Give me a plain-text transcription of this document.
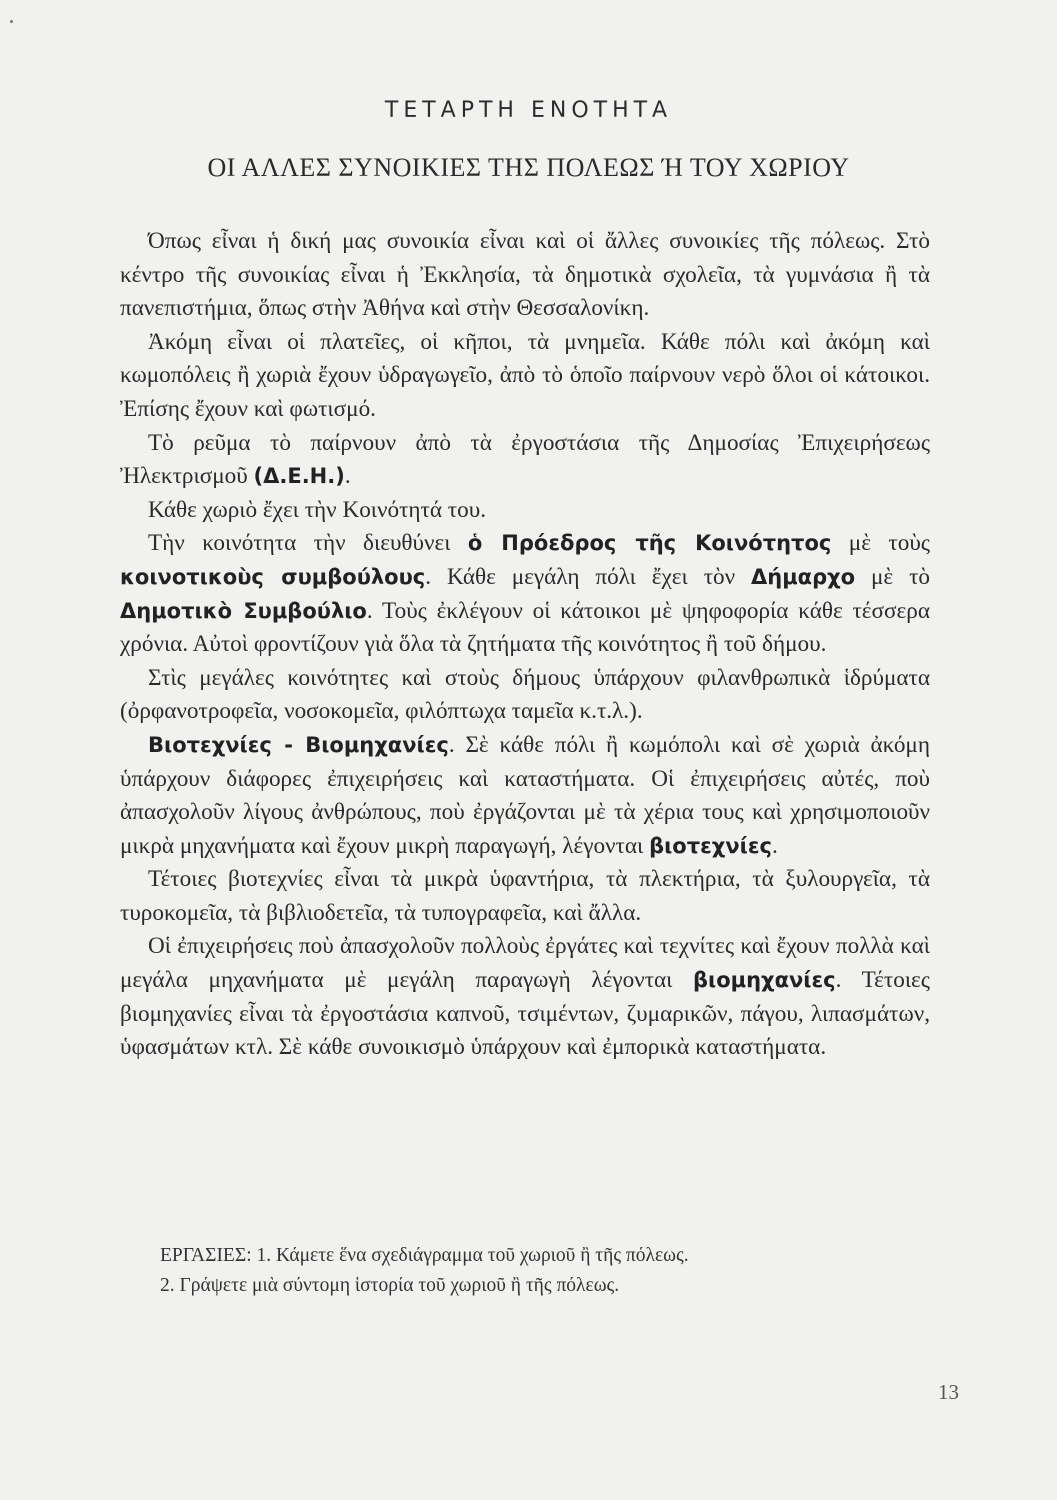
ΤΕΤΑΡΤΗ ΕΝΟΤΗΤΑ
ΟΙ ΑΛΛΕΣ ΣΥΝΟΙΚΙΕΣ ΤΗΣ ΠΟΛΕΩΣ Ή ΤΟΥ ΧΩΡΙΟΥ

Όπως εἶναι ἡ δική μας συνοικία εἶναι καὶ οἱ ἄλλες συνοικίες τῆς πόλεως. Στὸ κέντρο τῆς συνοικίας εἶναι ἡ Ἐκκλησία, τὰ δημοτικὰ σχολεῖα, τὰ γυμνάσια ἢ τὰ πανεπιστήμια, ὅπως στὴν Ἀθήνα καὶ στὴν Θεσσαλονίκη.

Ἀκόμη εἶναι οἱ πλατεῖες, οἱ κῆποι, τὰ μνημεῖα. Κάθε πόλι καὶ ἀκόμη καὶ κωμοπόλεις ἢ χωριὰ ἔχουν ὑδραγωγεῖο, ἀπὸ τὸ ὁποῖο παίρνουν νερὸ ὅλοι οἱ κάτοικοι. Ἐπίσης ἔχουν καὶ φωτισμό.

Τὸ ρεῦμα τὸ παίρνουν ἀπὸ τὰ ἐργοστάσια τῆς Δημοσίας Ἐπιχειρήσεως Ἠλεκτρισμοῦ (Δ.Ε.Η.).

Κάθε χωριὸ ἔχει τὴν Κοινότητά του.

Τὴν κοινότητα τὴν διευθύνει ὁ Πρόεδρος τῆς Κοινότητος μὲ τοὺς κοινοτικοὺς συμβούλους. Κάθε μεγάλη πόλι ἔχει τὸν Δήμαρχο μὲ τὸ Δημοτικὸ Συμβούλιο. Τοὺς ἐκλέγουν οἱ κάτοικοι μὲ ψηφοφορία κάθε τέσσερα χρόνια. Αὐτοὶ φροντίζουν γιὰ ὅλα τὰ ζητήματα τῆς κοινότητος ἢ τοῦ δήμου.

Στὶς μεγάλες κοινότητες καὶ στοὺς δήμους ὑπάρχουν φιλανθρωπικὰ ἱδρύματα (ὀρφανοτροφεῖα, νοσοκομεῖα, φιλόπτωχα ταμεῖα κ.τ.λ.).

Βιοτεχνίες - Βιομηχανίες. Σὲ κάθε πόλι ἢ κωμόπολι καὶ σὲ χωριὰ ἀκόμη ὑπάρχουν διάφορες ἐπιχειρήσεις καὶ καταστήματα. Οἱ ἐπιχειρήσεις αὐτές, ποὺ ἀπασχολοῦν λίγους ἀνθρώπους, ποὺ ἐργάζονται μὲ τὰ χέρια τους καὶ χρησιμοποιοῦν μικρὰ μηχανήματα καὶ ἔχουν μικρὴ παραγωγή, λέγονται βιοτεχνίες.

Τέτοιες βιοτεχνίες εἶναι τὰ μικρὰ ὑφαντήρια, τὰ πλεκτήρια, τὰ ξυλουργεῖα, τὰ τυροκομεῖα, τὰ βιβλιοδετεῖα, τὰ τυπογραφεῖα, καὶ ἄλλα.

Οἱ ἐπιχειρήσεις ποὺ ἀπασχολοῦν πολλοὺς ἐργάτες καὶ τεχνίτες καὶ ἔχουν πολλὰ καὶ μεγάλα μηχανήματα μὲ μεγάλη παραγωγὴ λέγονται βιομηχανίες. Τέτοιες βιομηχανίες εἶναι τὰ ἐργοστάσια καπνοῦ, τσιμέντων, ζυμαρικῶν, πάγου, λιπασμάτων, ὑφασμάτων κτλ. Σὲ κάθε συνοικισμὸ ὑπάρχουν καὶ ἐμπορικὰ καταστήματα.

ΕΡΓΑΣΙΕΣ: 1. Κάμετε ἕνα σχεδιάγραμμα τοῦ χωριοῦ ἢ τῆς πόλεως.
2. Γράψετε μιὰ σύντομη ἱστορία τοῦ χωριοῦ ἢ τῆς πόλεως.
13
